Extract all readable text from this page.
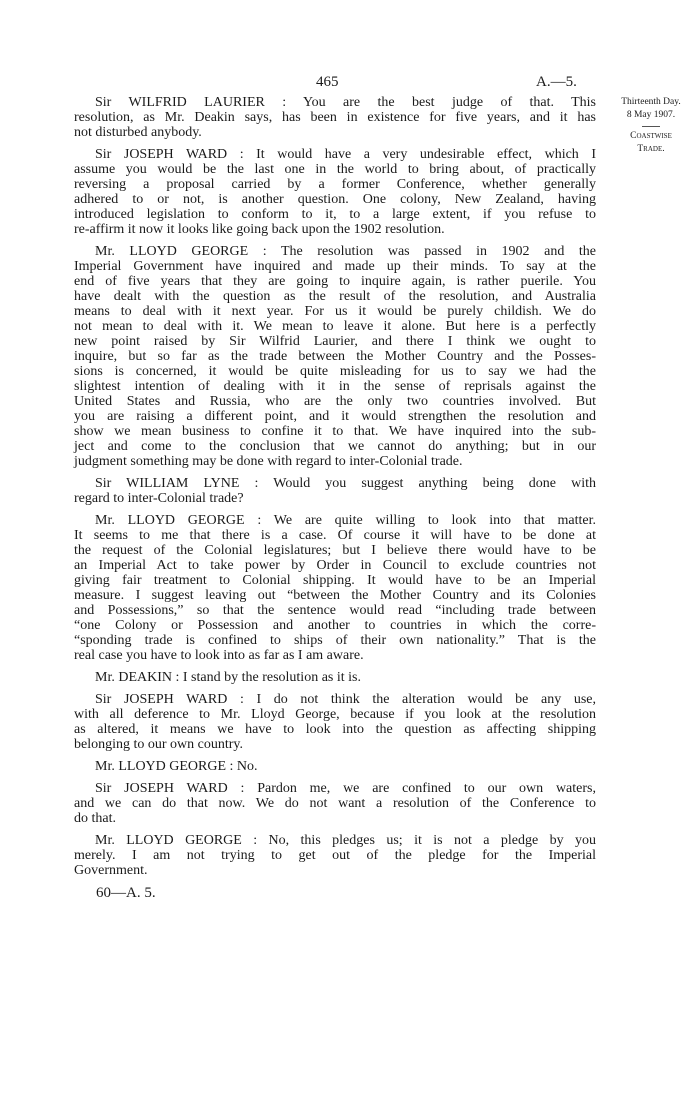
465	A.—5.
Thirteenth Day.
8 May 1907.
Coastwise
Trade.
Sir WILFRID LAURIER : You are the best judge of that. This
resolution, as Mr. Deakin says, has been in existence for five years, and it has
not disturbed anybody.
Sir JOSEPH WARD : It would have a very undesirable effect, which I
assume you would be the last one in the world to bring about, of practically
reversing a proposal carried by a former Conference, whether generally
adhered to or not, is another question. One colony, New Zealand, having
introduced legislation to conform to it, to a large extent, if you refuse to
re-affirm it now it looks like going back upon the 1902 resolution.
Mr. LLOYD GEORGE : The resolution was passed in 1902 and the
Imperial Government have inquired and made up their minds. To say at the
end of five years that they are going to inquire again, is rather puerile. You
have dealt with the question as the result of the resolution, and Australia
means to deal with it next year. For us it would be purely childish. We do
not mean to deal with it. We mean to leave it alone. But here is a perfectly
new point raised by Sir Wilfrid Laurier, and there I think we ought to
inquire, but so far as the trade between the Mother Country and the Posses-
sions is concerned, it would be quite misleading for us to say we had the
slightest intention of dealing with it in the sense of reprisals against the
United States and Russia, who are the only two countries involved. But
you are raising a different point, and it would strengthen the resolution and
show we mean business to confine it to that. We have inquired into the sub-
ject and come to the conclusion that we cannot do anything; but in our
judgment something may be done with regard to inter-Colonial trade.
Sir WILLIAM LYNE : Would you suggest anything being done with
regard to inter-Colonial trade?
Mr. LLOYD GEORGE : We are quite willing to look into that matter.
It seems to me that there is a case. Of course it will have to be done at
the request of the Colonial legislatures; but I believe there would have to be
an Imperial Act to take power by Order in Council to exclude countries not
giving fair treatment to Colonial shipping. It would have to be an Imperial
measure. I suggest leaving out “between the Mother Country and its Colonies
and Possessions,” so that the sentence would read “including trade between
“one Colony or Possession and another to countries in which the corre-
“sponding trade is confined to ships of their own nationality.” That is the
real case you have to look into as far as I am aware.
Mr. DEAKIN : I stand by the resolution as it is.
Sir JOSEPH WARD : I do not think the alteration would be any use,
with all deference to Mr. Lloyd George, because if you look at the resolution
as altered, it means we have to look into the question as affecting shipping
belonging to our own country.
Mr. LLOYD GEORGE : No.
Sir JOSEPH WARD : Pardon me, we are confined to our own waters,
and we can do that now. We do not want a resolution of the Conference to
do that.
Mr. LLOYD GEORGE : No, this pledges us; it is not a pledge by you
merely. I am not trying to get out of the pledge for the Imperial
Government.
60—A. 5.
